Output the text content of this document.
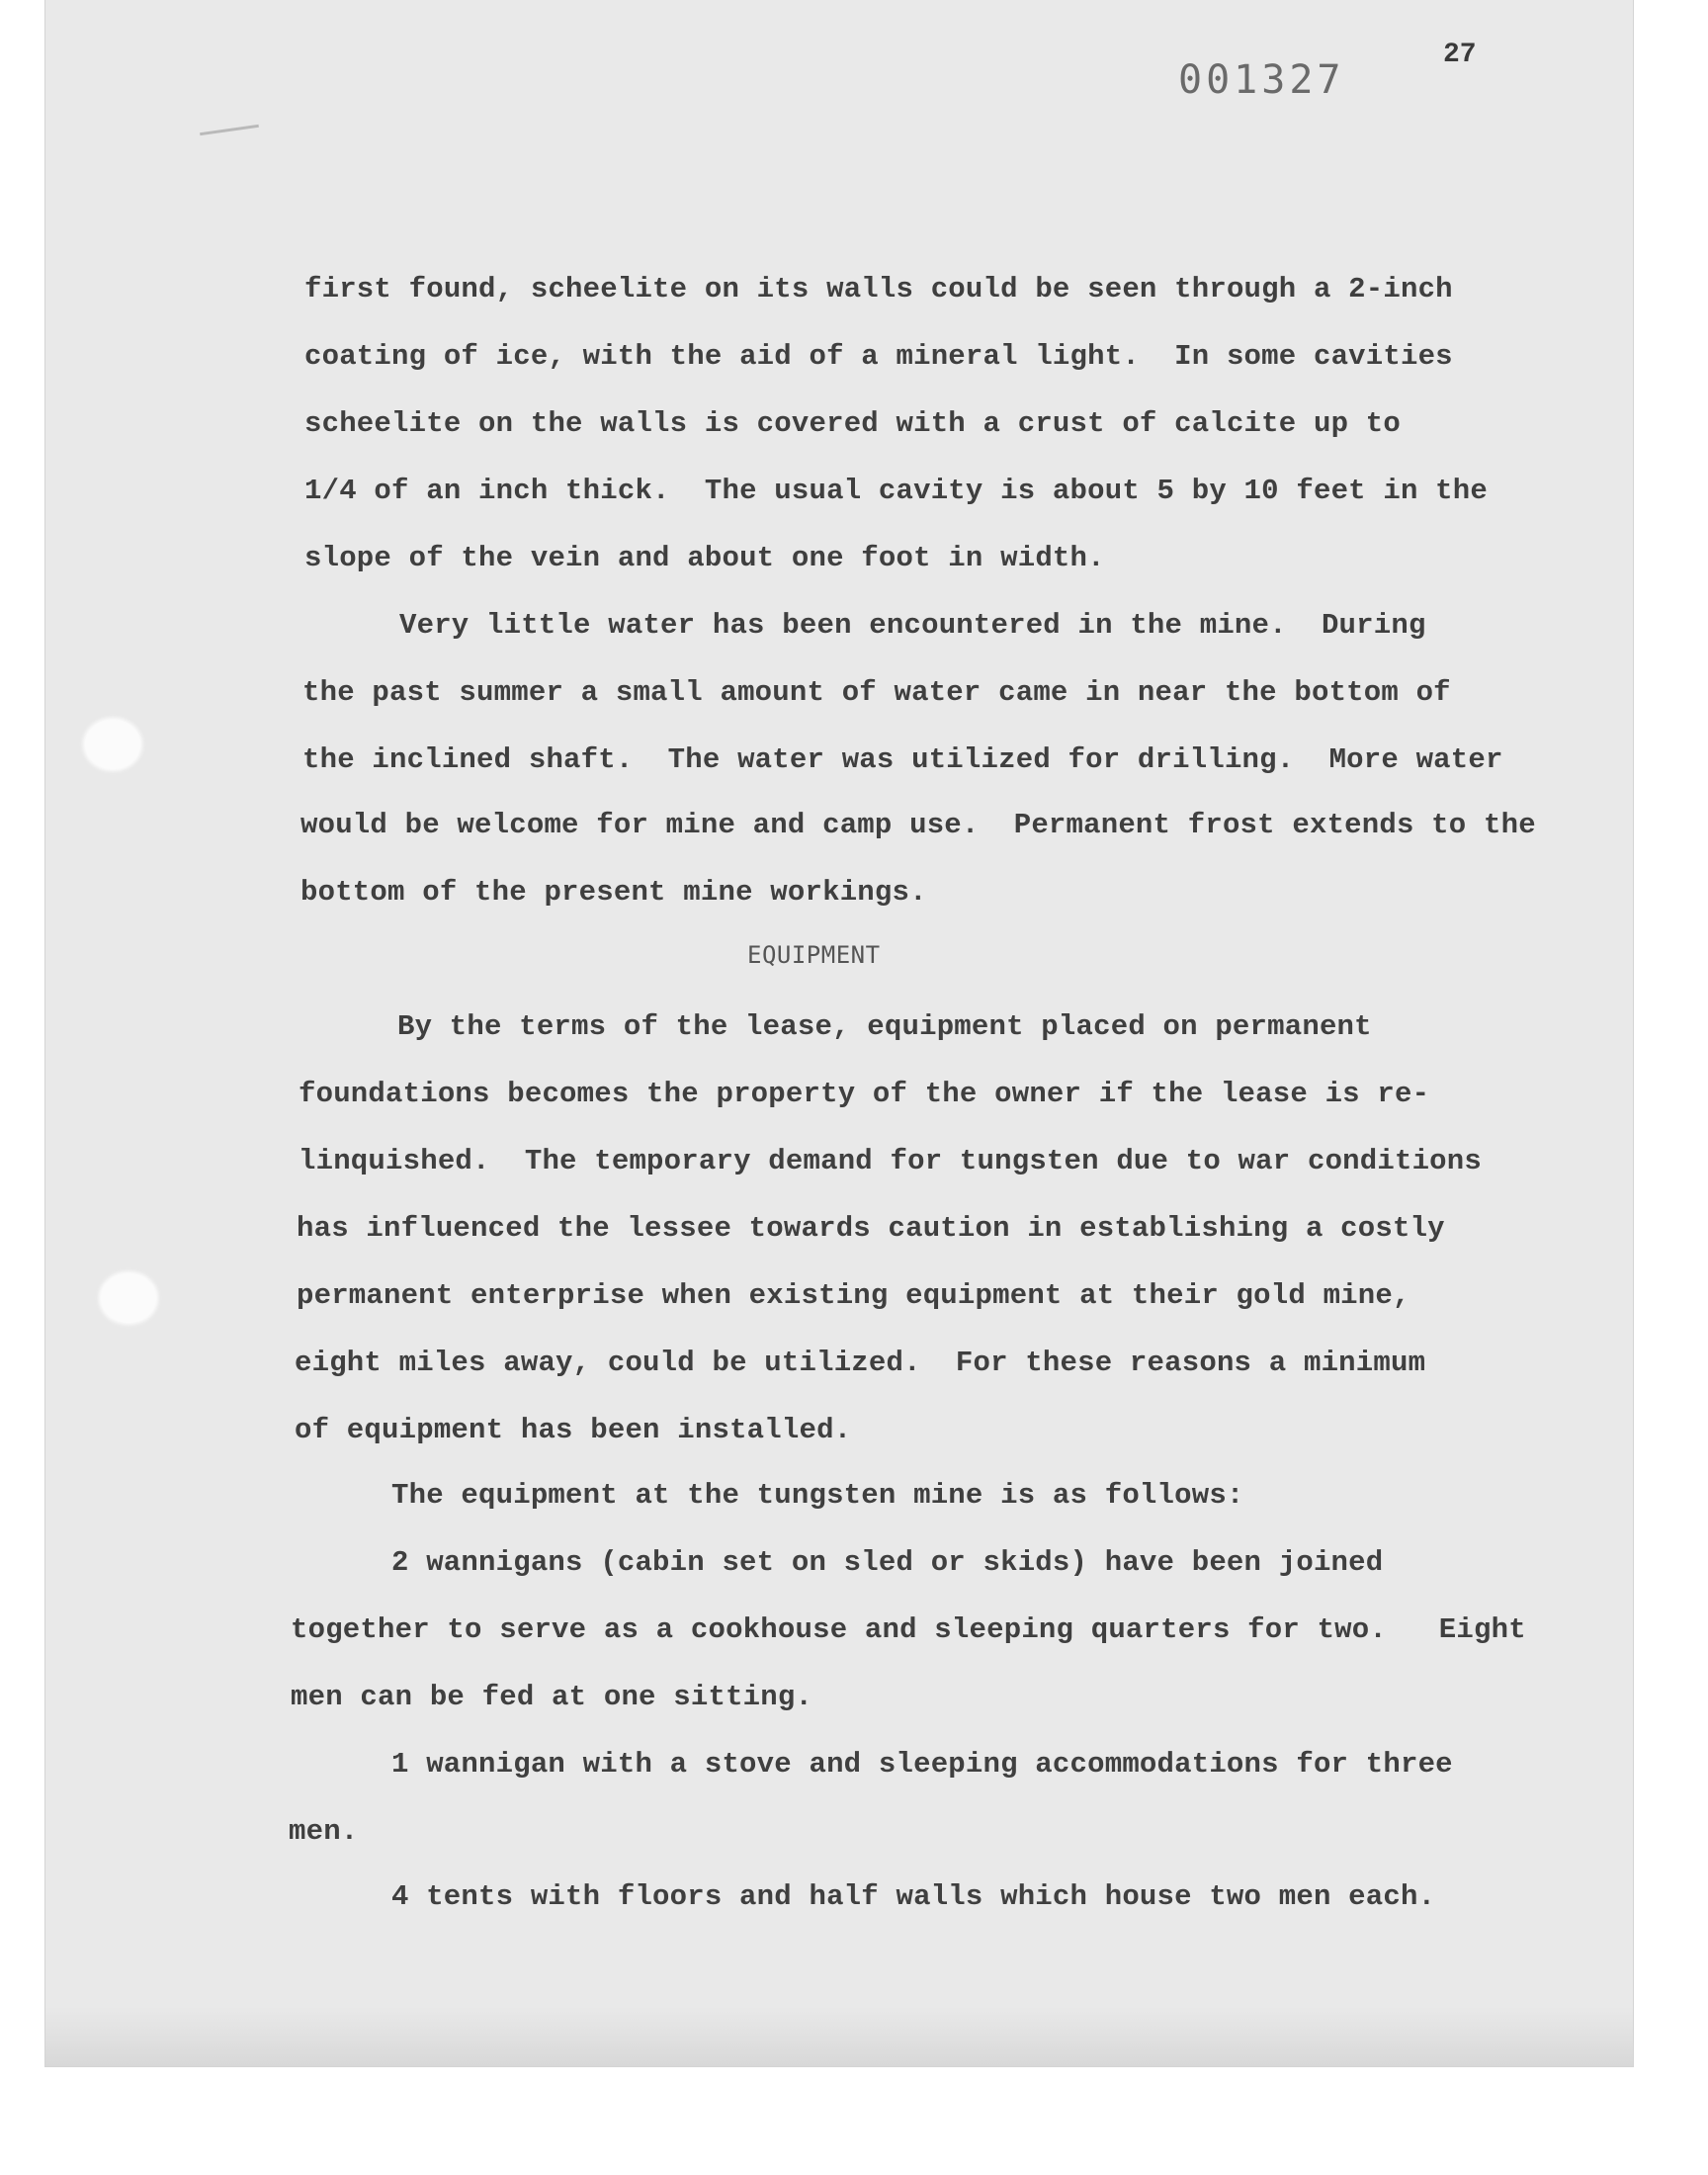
001327
27
first found, scheelite on its walls could be seen through a 2-inch
coating of ice, with the aid of a mineral light.  In some cavities
scheelite on the walls is covered with a crust of calcite up to
1/4 of an inch thick.  The usual cavity is about 5 by 10 feet in the
slope of the vein and about one foot in width.
Very little water has been encountered in the mine.  During
the past summer a small amount of water came in near the bottom of
the inclined shaft.  The water was utilized for drilling.  More water
would be welcome for mine and camp use.  Permanent frost extends to the
bottom of the present mine workings.
EQUIPMENT
By the terms of the lease, equipment placed on permanent
foundations becomes the property of the owner if the lease is re-
linquished.  The temporary demand for tungsten due to war conditions
has influenced the lessee towards caution in establishing a costly
permanent enterprise when existing equipment at their gold mine,
eight miles away, could be utilized.  For these reasons a minimum
of equipment has been installed.
The equipment at the tungsten mine is as follows:
2 wannigans (cabin set on sled or skids) have been joined
together to serve as a cookhouse and sleeping quarters for two.   Eight
men can be fed at one sitting.
1 wannigan with a stove and sleeping accommodations for three
men.
4 tents with floors and half walls which house two men each.
